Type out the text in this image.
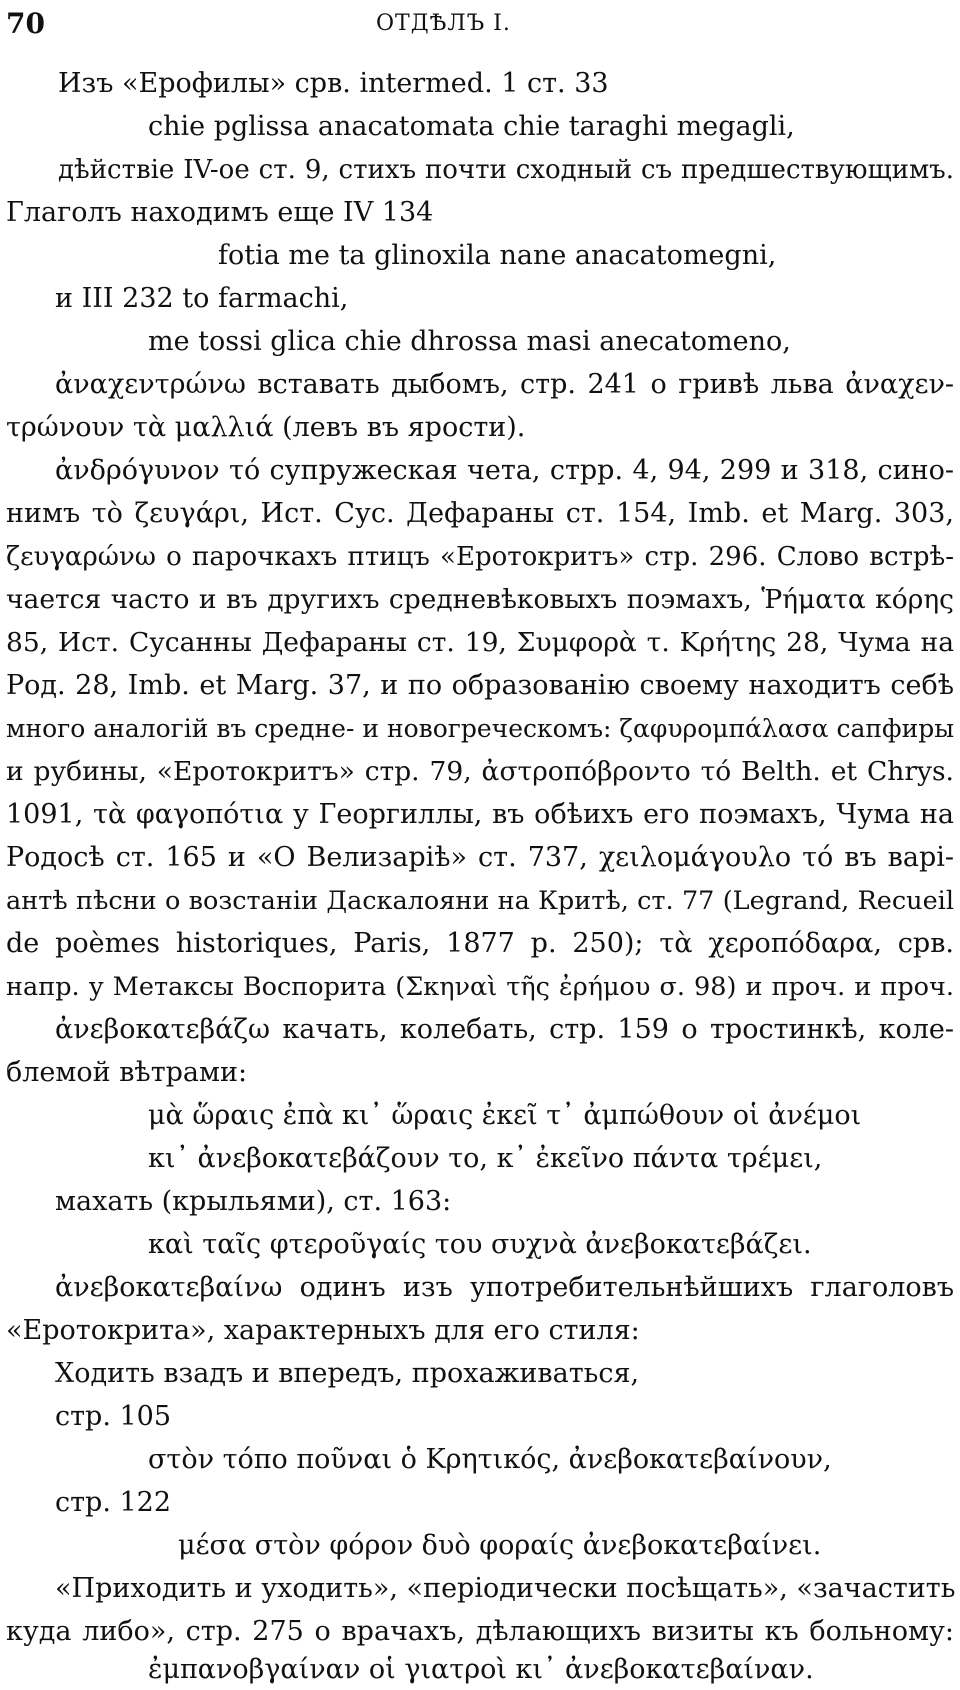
70	ОТДѢЛЪ I.
Изъ «Ерофилы» срв. intermed. 1 ст. 33
chie pglissa anacatomata chie taraghi megagli,
дѣйствіе IV-ое ст. 9, стихъ почти сходный съ предшествующимъ.
Глаголъ находимъ еще IV 134
fotia me ta glinoxila nane anacatomegni,
и III 232 to farmachi,
me tossi glica chie dhrossa masi anecatomeno,
ἀναχεντρώνω вставать дыбомъ, стр. 241 о гривѣ льва ἀναχεν-
τρώνουν τὰ μαλλιά (левъ въ ярости).
ἀνδρόγυνον τό супружеская чета, стрр. 4, 94, 299 и 318, сино-
нимъ τὸ ζευγάρι, Ист. Сус. Дефараны ст. 154, Imb. et Marg. 303,
ζευγαρώνω о парочкахъ птицъ «Еротокритъ» стр. 296. Слово встрѣ-
чается часто и въ другихъ средневѣковыхъ поэмахъ, Ῥήματα κόρης
85, Ист. Сусанны Дефараны ст. 19, Συμφορὰ τ. Κρήτης 28, Чума на
Род. 28, Imb. et Marg. 37, и по образованію своему находитъ себѣ
много аналогій въ средне- и новогреческомъ: ζαφυρομπάλασα сапфиры
и рубины, «Еротокритъ» стр. 79, ἀστροπόβροντο τό Belth. et Chrys.
1091, τὰ φαγοπότια у Георгиллы, въ обѣихъ его поэмахъ, Чума на
Родосѣ ст. 165 и «О Велизаріѣ» ст. 737, χειλομάγουλο τό въ варі-
антѣ пѣсни о возстаніи Даскалояни на Критѣ, ст. 77 (Legrand, Recueil
de poèmes historiques, Paris, 1877 p. 250); τὰ χεροπόδαρα, срв.
напр. у Метаксы Воспорита (Σκηναὶ τῆς ἐρήμου σ. 98) и проч. и проч.
ἀνεβοκατεβάζω качать, колебать, стр. 159 о тростинкѣ, коле-
блемой вѣтрами:
μὰ ὥραις ἐπὰ κι᾽ ὥραις ἐκεῖ τ᾽ ἀμπώθουν οἱ ἀνέμοι
κι᾽ ἀνεβοκατεβάζουν το, κ᾽ ἐκεῖνο πάντα τρέμει,
махать (крыльями), ст. 163:
καὶ ταῖς φτεροῦγαίς του συχνὰ ἀνεβοκατεβάζει.
ἀνεβοκατεβαίνω одинъ изъ употребительнѣйшихъ глаголовъ
«Еротокрита», характерныхъ для его стиля:
Ходить взадъ и впередъ, прохаживаться,
стр. 105
στὸν τόπο ποῦναι ὁ Κρητικός, ἀνεβοκατεβαίνουν,
стр. 122
μέσα στὸν φόρον δυὸ φοραίς ἀνεβοκατεβαίνει.
«Приходить и уходить», «періодически посѣщать», «зачастить
куда либо», стр. 275 о врачахъ, дѣлающихъ визиты къ больному:
ἐμπανοβγαίναν οἱ γιατροὶ κι᾽ ἀνεβοκατεβαίναν.
